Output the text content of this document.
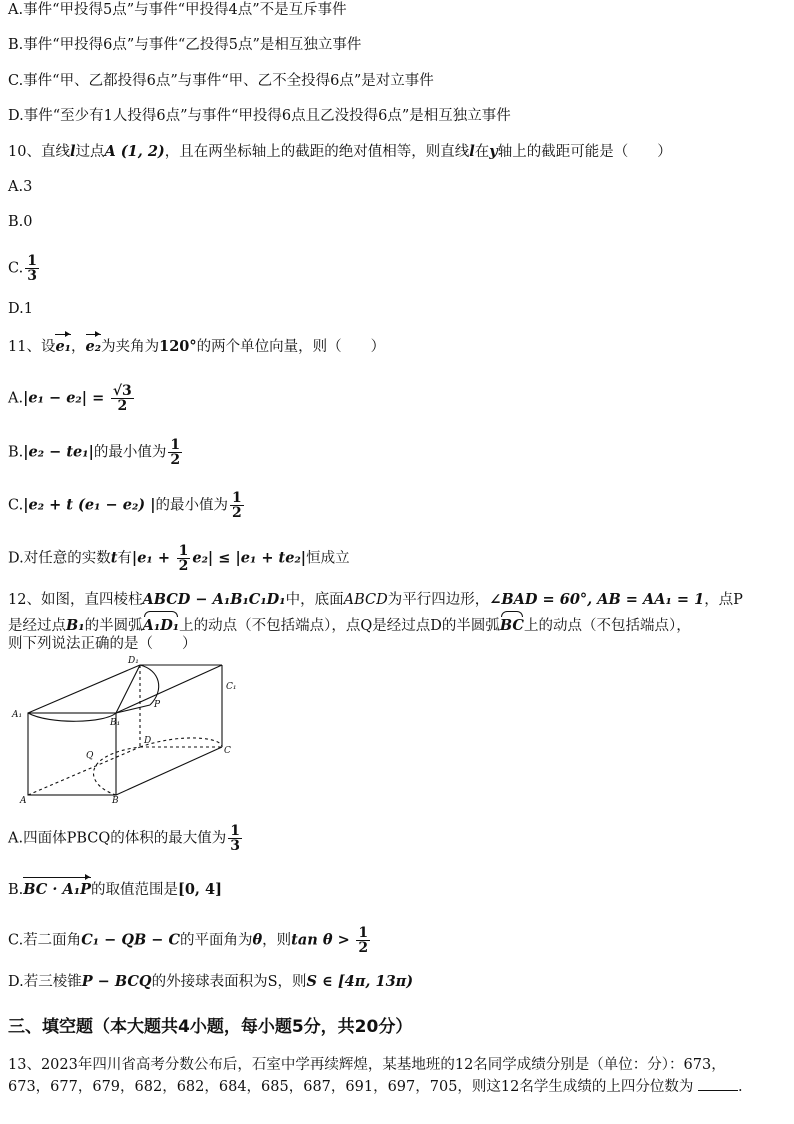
A.事件“甲投得5点”与事件“甲投得4点”不是互斥事件
B.事件“甲投得6点”与事件“乙投得5点”是相互独立事件
C.事件“甲、乙都投得6点”与事件“甲、乙不全投得6点”是对立事件
D.事件“至少有1人投得6点”与事件“甲投得6点且乙没投得6点”是相互独立事件
10、直线l过点A (1, 2)，且在两坐标轴上的截距的绝对值相等，则直线l在y轴上的截距可能是（　　）
A.3
B.0
C. $\frac{1}{3}$
D.1
11、设e₁，e₂为夹角为120°的两个单位向量，则（　　）
$A.|e_1 - e_2| = \frac{√3}{2}$
B.|e₂ − te₁|的最小值为 $\frac{1}{2}$
C.|e₂ + t (e₁ − e₂) |的最小值为 $\frac{1}{2}$
D.对任意的实数t有$|e_1 + \frac{1}{2} e_2| \le |e_1 + te_2|$恒成立
12、如图，直四棱柱ABCD − A₁B₁C₁D₁中，底面ABCD为平行四边形，∠BAD = 60°, AB = AA₁ = 1，点P
是经过点B₁的半圆弧A₁D₁上的动点（不包括端点），点Q是经过点D的半圆弧BC上的动点（不包括端点），
则下列说法正确的是（　　）
D₁
C₁
A₁
B₁
P
Q
D
C
A	B
A.四面体PBCQ的体积的最大值为 $\frac{1}{3}$
B.BC · A₁P的取值范围是[0, 4]
C.若二面角C₁ − QB − C的平面角为θ，则$\tan \theta > \frac{1}{2}$
D.若三棱锥P − BCQ的外接球表面积为S，则S ∈ [4π, 13π)
三、填空题（本大题共4小题，每小题5分，共20分）
13、2023年四川省高考分数公布后，石室中学再续辉煌，某基地班的12名同学成绩分别是（单位：分）：673，
673，677，679，682，682，684，685，687，691，697，705，则这12名学生成绩的上四分位数为	.
